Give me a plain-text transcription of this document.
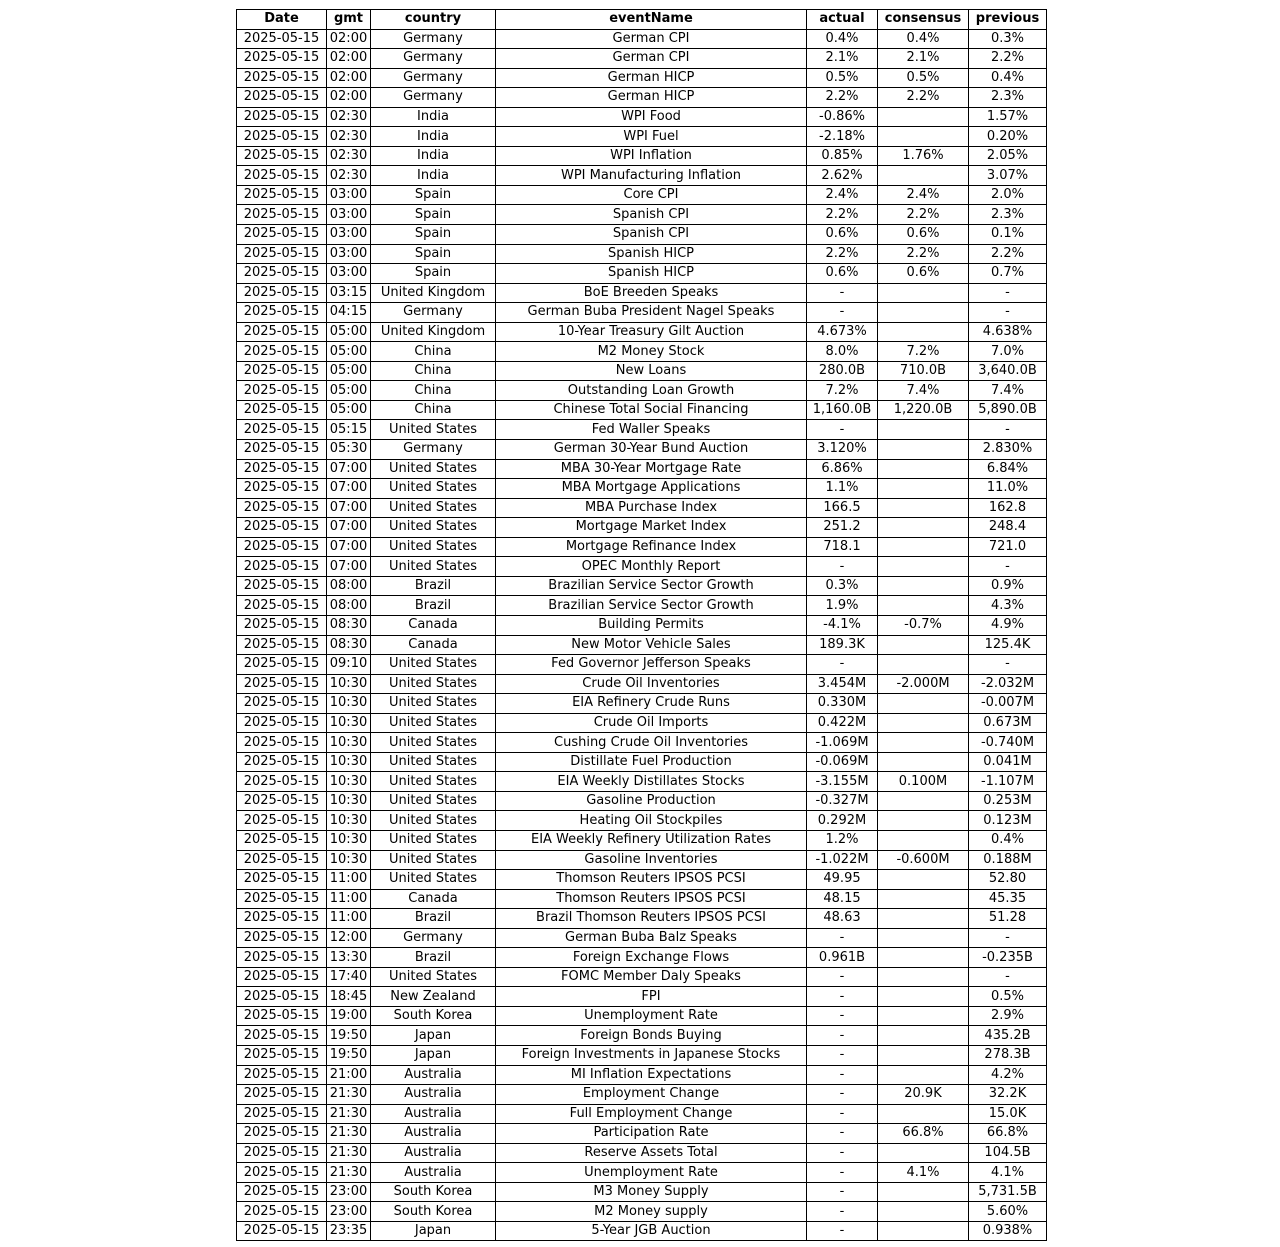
Date	gmt	country	eventName	actual	consensus	previous
2025-05-15	02:00	Germany	German CPI	0.4%	0.4%	0.3%
2025-05-15	02:00	Germany	German CPI	2.1%	2.1%	2.2%
2025-05-15	02:00	Germany	German HICP	0.5%	0.5%	0.4%
2025-05-15	02:00	Germany	German HICP	2.2%	2.2%	2.3%
2025-05-15	02:30	India	WPI Food	-0.86%		1.57%
2025-05-15	02:30	India	WPI Fuel	-2.18%		0.20%
2025-05-15	02:30	India	WPI Inflation	0.85%	1.76%	2.05%
2025-05-15	02:30	India	WPI Manufacturing Inflation	2.62%		3.07%
2025-05-15	03:00	Spain	Core CPI	2.4%	2.4%	2.0%
2025-05-15	03:00	Spain	Spanish CPI	2.2%	2.2%	2.3%
2025-05-15	03:00	Spain	Spanish CPI	0.6%	0.6%	0.1%
2025-05-15	03:00	Spain	Spanish HICP	2.2%	2.2%	2.2%
2025-05-15	03:00	Spain	Spanish HICP	0.6%	0.6%	0.7%
2025-05-15	03:15	United Kingdom	BoE Breeden Speaks	-		-
2025-05-15	04:15	Germany	German Buba President Nagel Speaks	-		-
2025-05-15	05:00	United Kingdom	10-Year Treasury Gilt Auction	4.673%		4.638%
2025-05-15	05:00	China	M2 Money Stock	8.0%	7.2%	7.0%
2025-05-15	05:00	China	New Loans	280.0B	710.0B	3,640.0B
2025-05-15	05:00	China	Outstanding Loan Growth	7.2%	7.4%	7.4%
2025-05-15	05:00	China	Chinese Total Social Financing	1,160.0B	1,220.0B	5,890.0B
2025-05-15	05:15	United States	Fed Waller Speaks	-		-
2025-05-15	05:30	Germany	German 30-Year Bund Auction	3.120%		2.830%
2025-05-15	07:00	United States	MBA 30-Year Mortgage Rate	6.86%		6.84%
2025-05-15	07:00	United States	MBA Mortgage Applications	1.1%		11.0%
2025-05-15	07:00	United States	MBA Purchase Index	166.5		162.8
2025-05-15	07:00	United States	Mortgage Market Index	251.2		248.4
2025-05-15	07:00	United States	Mortgage Refinance Index	718.1		721.0
2025-05-15	07:00	United States	OPEC Monthly Report	-		-
2025-05-15	08:00	Brazil	Brazilian Service Sector Growth	0.3%		0.9%
2025-05-15	08:00	Brazil	Brazilian Service Sector Growth	1.9%		4.3%
2025-05-15	08:30	Canada	Building Permits	-4.1%	-0.7%	4.9%
2025-05-15	08:30	Canada	New Motor Vehicle Sales	189.3K		125.4K
2025-05-15	09:10	United States	Fed Governor Jefferson Speaks	-		-
2025-05-15	10:30	United States	Crude Oil Inventories	3.454M	-2.000M	-2.032M
2025-05-15	10:30	United States	EIA Refinery Crude Runs	0.330M		-0.007M
2025-05-15	10:30	United States	Crude Oil Imports	0.422M		0.673M
2025-05-15	10:30	United States	Cushing Crude Oil Inventories	-1.069M		-0.740M
2025-05-15	10:30	United States	Distillate Fuel Production	-0.069M		0.041M
2025-05-15	10:30	United States	EIA Weekly Distillates Stocks	-3.155M	0.100M	-1.107M
2025-05-15	10:30	United States	Gasoline Production	-0.327M		0.253M
2025-05-15	10:30	United States	Heating Oil Stockpiles	0.292M		0.123M
2025-05-15	10:30	United States	EIA Weekly Refinery Utilization Rates	1.2%		0.4%
2025-05-15	10:30	United States	Gasoline Inventories	-1.022M	-0.600M	0.188M
2025-05-15	11:00	United States	Thomson Reuters IPSOS PCSI	49.95		52.80
2025-05-15	11:00	Canada	Thomson Reuters IPSOS PCSI	48.15		45.35
2025-05-15	11:00	Brazil	Brazil Thomson Reuters IPSOS PCSI	48.63		51.28
2025-05-15	12:00	Germany	German Buba Balz Speaks	-		-
2025-05-15	13:30	Brazil	Foreign Exchange Flows	0.961B		-0.235B
2025-05-15	17:40	United States	FOMC Member Daly Speaks	-		-
2025-05-15	18:45	New Zealand	FPI	-		0.5%
2025-05-15	19:00	South Korea	Unemployment Rate	-		2.9%
2025-05-15	19:50	Japan	Foreign Bonds Buying	-		435.2B
2025-05-15	19:50	Japan	Foreign Investments in Japanese Stocks	-		278.3B
2025-05-15	21:00	Australia	MI Inflation Expectations	-		4.2%
2025-05-15	21:30	Australia	Employment Change	-	20.9K	32.2K
2025-05-15	21:30	Australia	Full Employment Change	-		15.0K
2025-05-15	21:30	Australia	Participation Rate	-	66.8%	66.8%
2025-05-15	21:30	Australia	Reserve Assets Total	-		104.5B
2025-05-15	21:30	Australia	Unemployment Rate	-	4.1%	4.1%
2025-05-15	23:00	South Korea	M3 Money Supply	-		5,731.5B
2025-05-15	23:00	South Korea	M2 Money supply	-		5.60%
2025-05-15	23:35	Japan	5-Year JGB Auction	-		0.938%
